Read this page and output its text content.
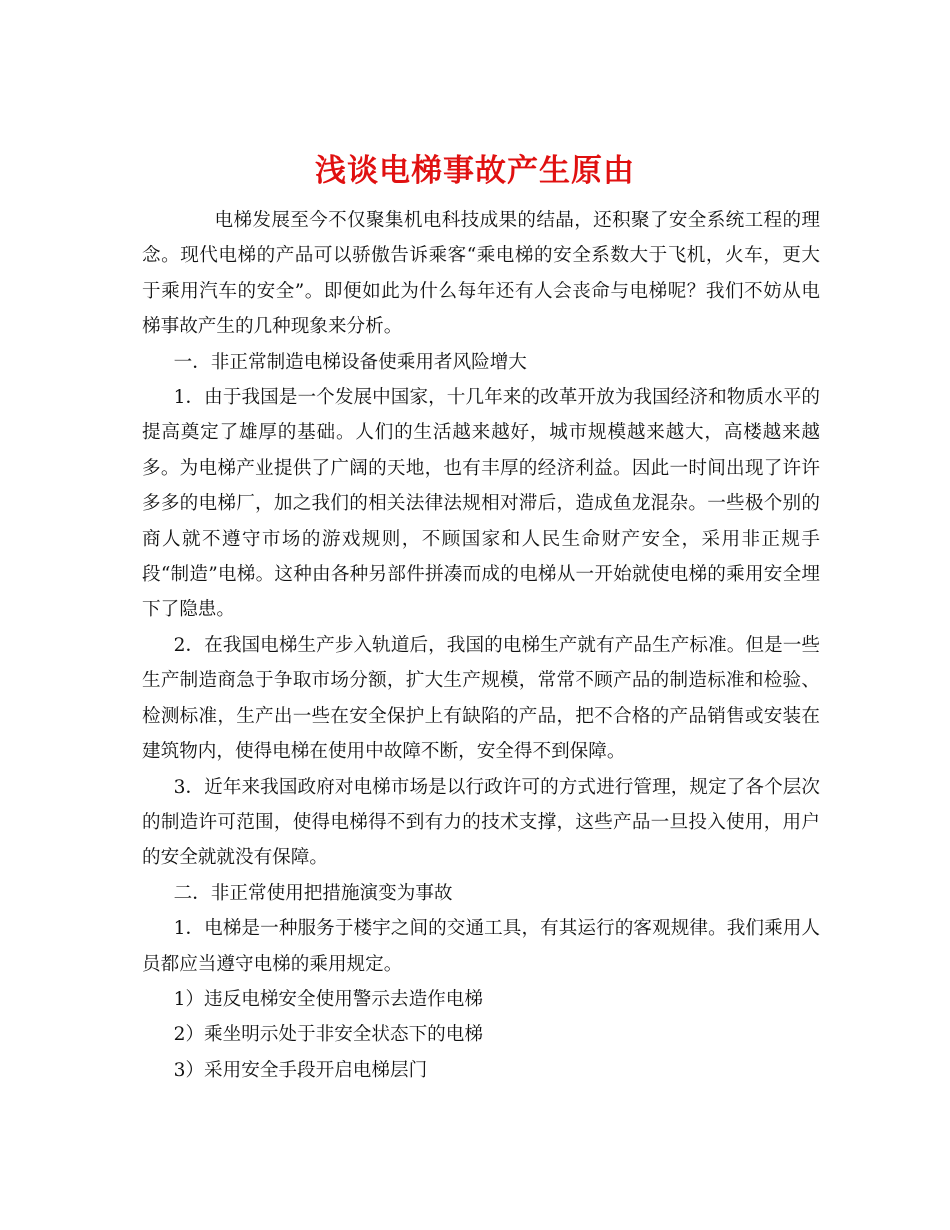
浅谈电梯事故产生原由

电梯发展至今不仅聚集机电科技成果的结晶，还积聚了安全系统工程的理念。现代电梯的产品可以骄傲告诉乘客“乘电梯的安全系数大于飞机，火车，更大于乘用汽车的安全”。即便如此为什么每年还有人会丧命与电梯呢？我们不妨从电梯事故产生的几种现象来分析。

一．非正常制造电梯设备使乘用者风险增大

1．由于我国是一个发展中国家，十几年来的改革开放为我国经济和物质水平的提高奠定了雄厚的基础。人们的生活越来越好，城市规模越来越大，高楼越来越多。为电梯产业提供了广阔的天地，也有丰厚的经济利益。因此一时间出现了许许多多的电梯厂，加之我们的相关法律法规相对滞后，造成鱼龙混杂。一些极个别的商人就不遵守市场的游戏规则，不顾国家和人民生命财产安全，采用非正规手段“制造”电梯。这种由各种另部件拼凑而成的电梯从一开始就使电梯的乘用安全埋下了隐患。

2．在我国电梯生产步入轨道后，我国的电梯生产就有产品生产标准。但是一些生产制造商急于争取市场分额，扩大生产规模，常常不顾产品的制造标准和检验、检测标准，生产出一些在安全保护上有缺陷的产品，把不合格的产品销售或安装在建筑物内，使得电梯在使用中故障不断，安全得不到保障。

3．近年来我国政府对电梯市场是以行政许可的方式进行管理，规定了各个层次的制造许可范围，使得电梯得不到有力的技术支撑，这些产品一旦投入使用，用户的安全就就没有保障。

二．非正常使用把措施演变为事故

1．电梯是一种服务于楼宇之间的交通工具，有其运行的客观规律。我们乘用人员都应当遵守电梯的乘用规定。

1）违反电梯安全使用警示去造作电梯

2）乘坐明示处于非安全状态下的电梯

3）采用安全手段开启电梯层门
